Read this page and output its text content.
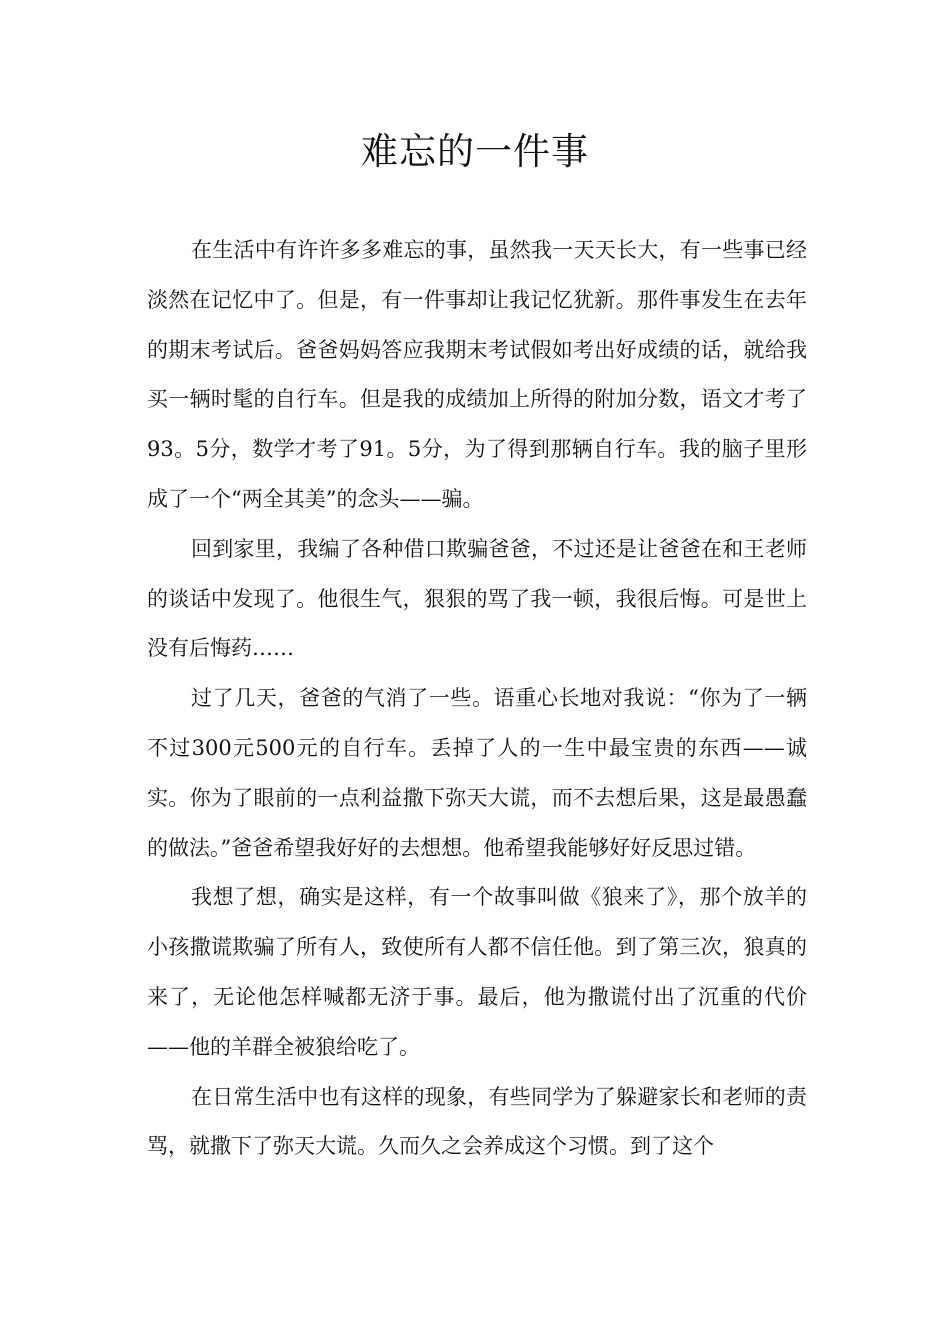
难忘的一件事

在生活中有许许多多难忘的事，虽然我一天天长大，有一些事已经淡然在记忆中了。但是，有一件事却让我记忆犹新。那件事发生在去年的期末考试后。爸爸妈妈答应我期末考试假如考出好成绩的话，就给我买一辆时髦的自行车。但是我的成绩加上所得的附加分数，语文才考了93。5分，数学才考了91。5分，为了得到那辆自行车。我的脑子里形成了一个“两全其美”的念头——骗。

回到家里，我编了各种借口欺骗爸爸，不过还是让爸爸在和王老师的谈话中发现了。他很生气，狠狠的骂了我一顿，我很后悔。可是世上没有后悔药……

过了几天，爸爸的气消了一些。语重心长地对我说：“你为了一辆不过300元500元的自行车。丢掉了人的一生中最宝贵的东西——诚实。你为了眼前的一点利益撒下弥天大谎，而不去想后果，这是最愚蠢的做法。”爸爸希望我好好的去想想。他希望我能够好好反思过错。

我想了想，确实是这样，有一个故事叫做《狼来了》，那个放羊的小孩撒谎欺骗了所有人，致使所有人都不信任他。到了第三次，狼真的来了，无论他怎样喊都无济于事。最后，他为撒谎付出了沉重的代价——他的羊群全被狼给吃了。

在日常生活中也有这样的现象，有些同学为了躲避家长和老师的责骂，就撒下了弥天大谎。久而久之会养成这个习惯。到了这个
